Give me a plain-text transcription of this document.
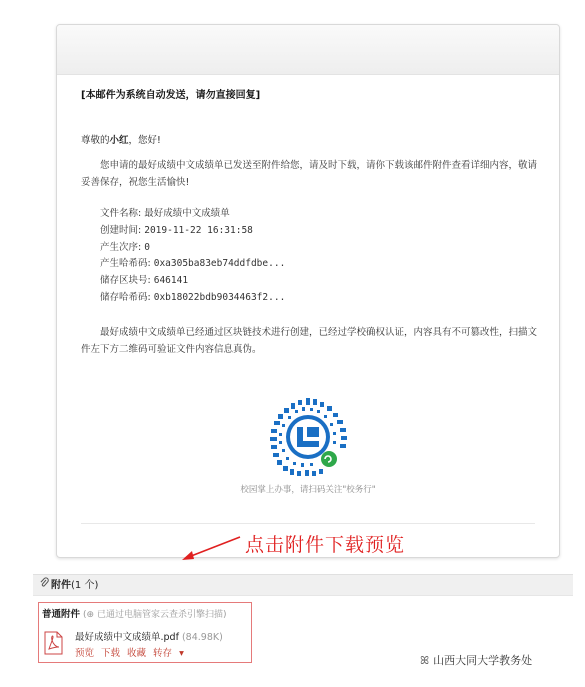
[本邮件为系统自动发送，请勿直接回复]
尊敬的小红，您好!
您申请的最好成绩中文成绩单已发送至附件给您，请及时下载，请你下载该邮件附件查看详细内容，敬请妥善保存，祝您生活愉快!
文件名称: 最好成绩中文成绩单
创建时间: 2019-11-22 16:31:58
产生次序: 0
产生哈希码: 0xa305ba83eb74ddfdbe...
储存区块号: 646141
储存哈希码: 0xb18022bdb9034463f2...
最好成绩中文成绩单已经通过区块链技术进行创建，已经过学校确权认证，内容具有不可篡改性，扫描文件左下方二维码可验证文件内容信息真伪。
校园掌上办事，请扫码关注"校务行"
点击附件下载预览
附件(1 个)
普通附件 (⊕ 已通过电脑管家云查杀引擎扫描)
最好成绩中文成绩单.pdf (84.98K)
预览 下载 收藏 转存 ▾
ꕤ 山西大同大学教务处
